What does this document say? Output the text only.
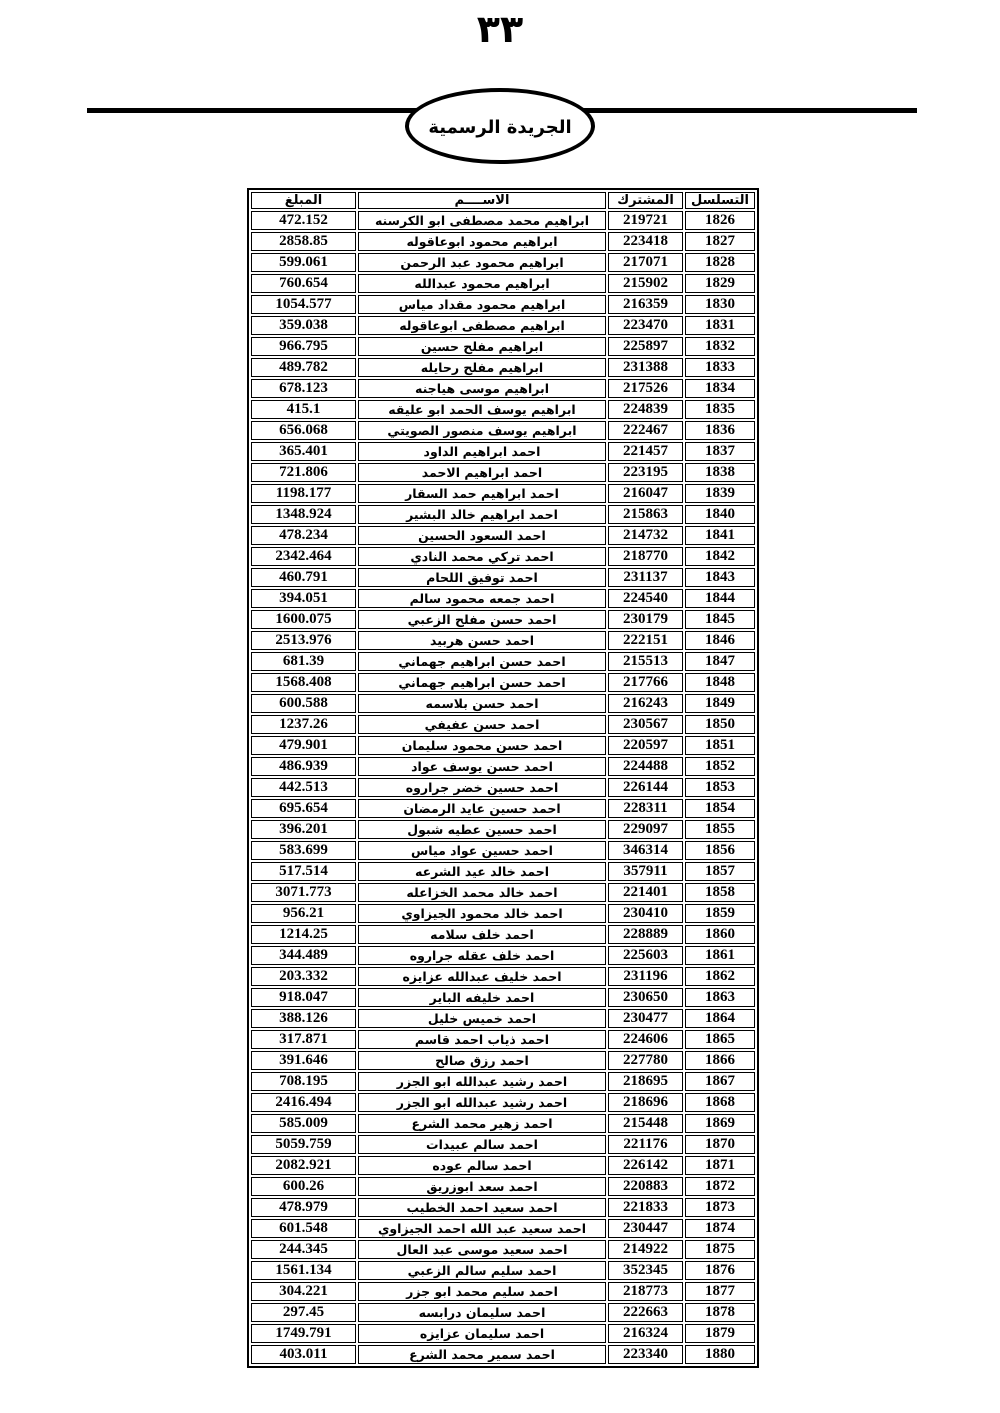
٣٣
الجريدة الرسمية
التسلسل	المشترك	الاســــم	المبلغ
1826	219721	ابراهيم محمد مصطفى ابو الكرسنه	472.152
1827	223418	ابراهيم محمود ابوعاقوله	2858.85
1828	217071	ابراهيم محمود عبد الرحمن	599.061
1829	215902	ابراهيم محمود عبدالله	760.654
1830	216359	ابراهيم محمود مقداد مياس	1054.577
1831	223470	ابراهيم مصطفى ابوعاقوله	359.038
1832	225897	ابراهيم مفلح حسين	966.795
1833	231388	ابراهيم مفلح رحايله	489.782
1834	217526	ابراهيم موسى هياجنه	678.123
1835	224839	ابراهيم يوسف الحمد ابو عليقه	415.1
1836	222467	ابراهيم يوسف منصور الصويتي	656.068
1837	221457	احمد ابراهيم الداود	365.401
1838	223195	احمد ابراهيم الاحمد	721.806
1839	216047	احمد ابراهيم حمد السقار	1198.177
1840	215863	احمد ابراهيم خالد البشير	1348.924
1841	214732	احمد السعود الحسين	478.234
1842	218770	احمد تركي محمد النادي	2342.464
1843	231137	احمد توفيق اللحام	460.791
1844	224540	احمد جمعه محمود سالم	394.051
1845	230179	احمد حسن مفلح الزعبي	1600.075
1846	222151	احمد حسن هربيد	2513.976
1847	215513	احمد حسن ابراهيم جهماني	681.39
1848	217766	احمد حسن ابراهيم جهماني	1568.408
1849	216243	احمد حسن بلاسمه	600.588
1850	230567	احمد حسن عفيفي	1237.26
1851	220597	احمد حسن محمود سليمان	479.901
1852	224488	احمد حسن يوسف عواد	486.939
1853	226144	احمد حسين خضر جراروه	442.513
1854	228311	احمد حسين عايد الرمضان	695.654
1855	229097	احمد حسين عطيه شبول	396.201
1856	346314	احمد حسين عواد مياس	583.699
1857	357911	احمد خالد عيد الشرعه	517.514
1858	221401	احمد خالد محمد الخزاعله	3071.773
1859	230410	احمد خالد محمود الجيزاوي	956.21
1860	228889	احمد خلف سلامه	1214.25
1861	225603	احمد خلف عقله جراروه	344.489
1862	231196	احمد خليف عبدالله عزايزه	203.332
1863	230650	احمد خليفه الباير	918.047
1864	230477	احمد خميس خليل	388.126
1865	224606	احمد ذياب احمد قاسم	317.871
1866	227780	احمد رزق صالح	391.646
1867	218695	احمد رشيد عبدالله ابو الجزر	708.195
1868	218696	احمد رشيد عبدالله ابو الجزر	2416.494
1869	215448	احمد زهير محمد الشرع	585.009
1870	221176	احمد سالم عبيدات	5059.759
1871	226142	احمد سالم عوده	2082.921
1872	220883	احمد سعد ابوزريق	600.26
1873	221833	احمد سعيد احمد الخطيب	478.979
1874	230447	احمد سعيد عبد الله احمد الجيزاوي	601.548
1875	214922	احمد سعيد موسى عبد العال	244.345
1876	352345	احمد سليم سالم الزعبي	1561.134
1877	218773	احمد سليم محمد ابو جزر	304.221
1878	222663	احمد سليمان درابسه	297.45
1879	216324	احمد سليمان عزايزه	1749.791
1880	223340	احمد سمير محمد الشرع	403.011
